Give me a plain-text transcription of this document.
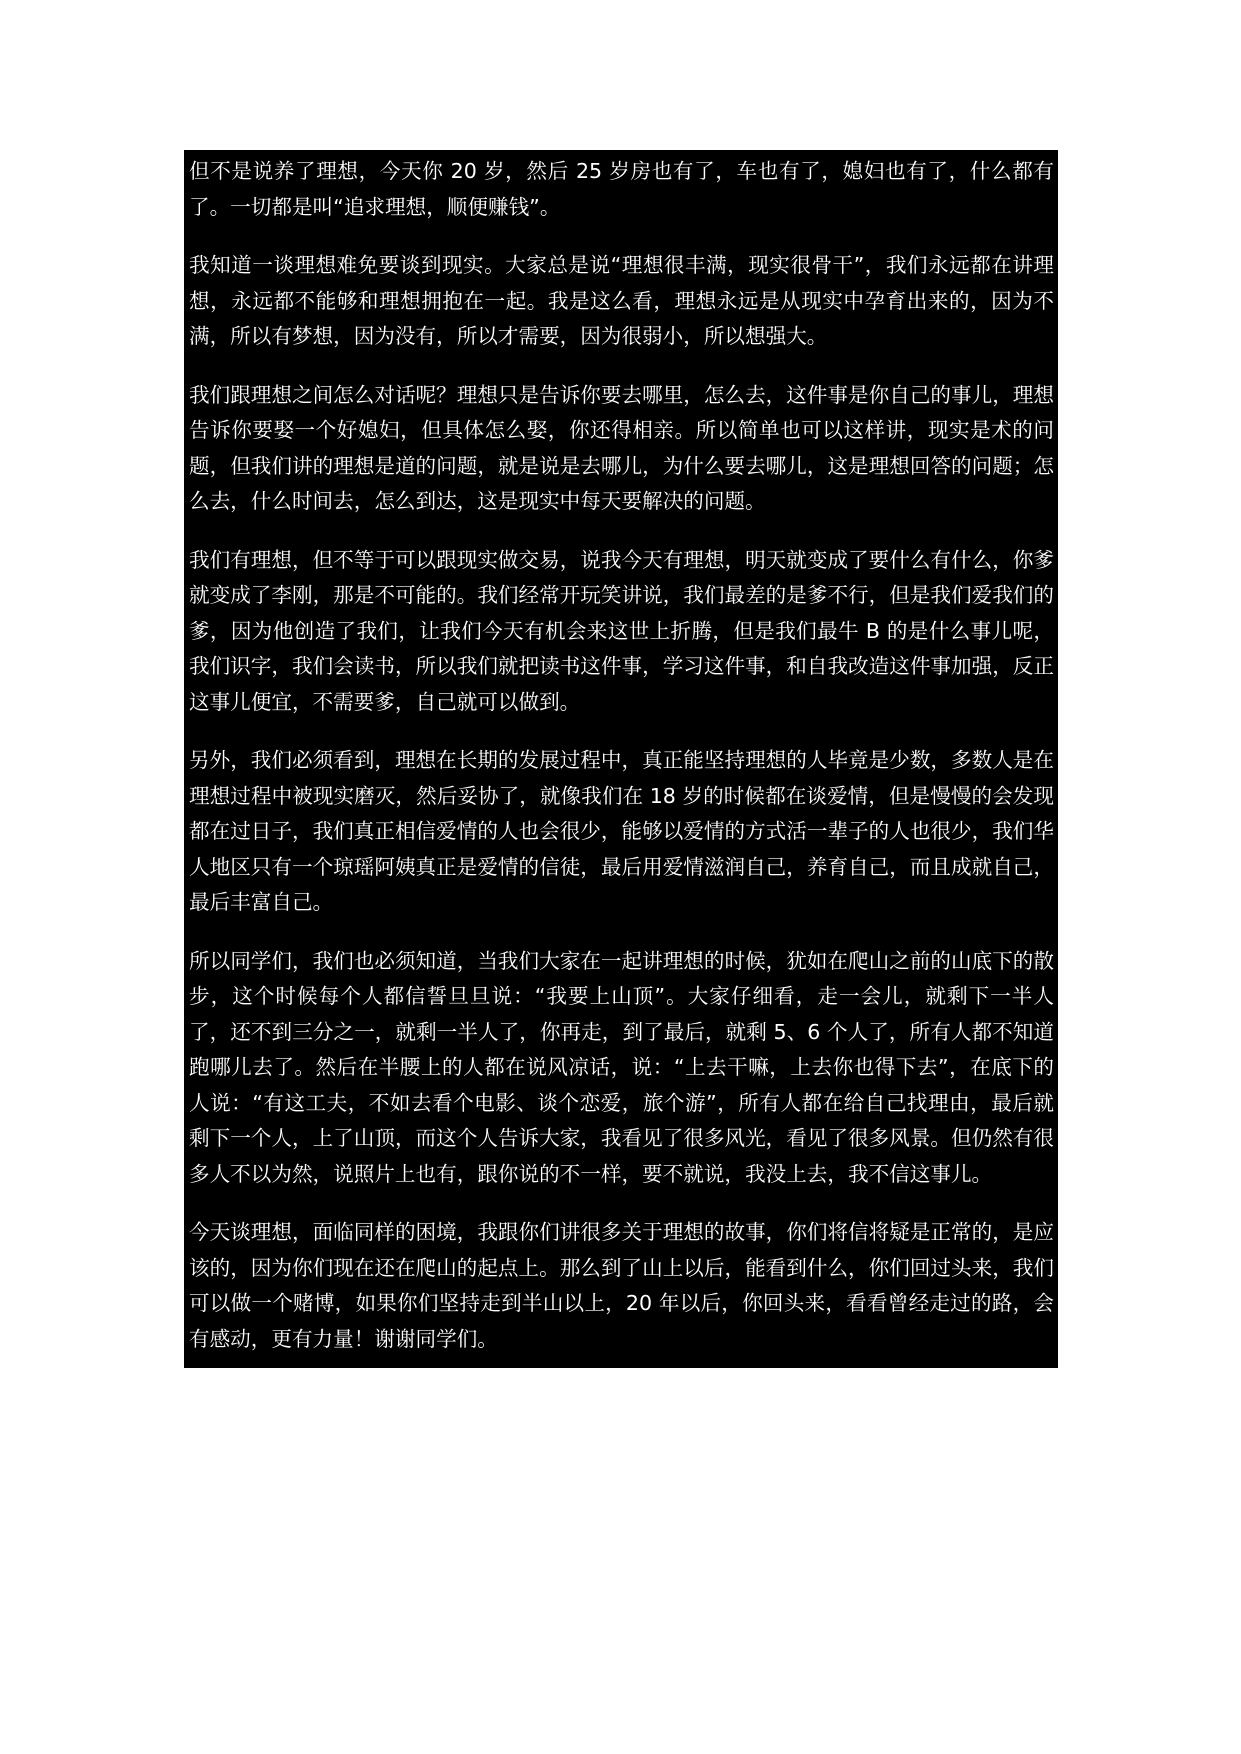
但不是说养了理想，今天你 20 岁，然后 25 岁房也有了，车也有了，媳妇也有了，什么都有了。一切都是叫“追求理想，顺便赚钱”。

我知道一谈理想难免要谈到现实。大家总是说“理想很丰满，现实很骨干”，我们永远都在讲理想，永远都不能够和理想拥抱在一起。我是这么看，理想永远是从现实中孕育出来的，因为不满，所以有梦想，因为没有，所以才需要，因为很弱小，所以想强大。

我们跟理想之间怎么对话呢？理想只是告诉你要去哪里，怎么去，这件事是你自己的事儿，理想告诉你要娶一个好媳妇，但具体怎么娶，你还得相亲。所以简单也可以这样讲，现实是术的问题，但我们讲的理想是道的问题，就是说是去哪儿，为什么要去哪儿，这是理想回答的问题；怎么去，什么时间去，怎么到达，这是现实中每天要解决的问题。

我们有理想，但不等于可以跟现实做交易，说我今天有理想，明天就变成了要什么有什么，你爹就变成了李刚，那是不可能的。我们经常开玩笑讲说，我们最差的是爹不行，但是我们爱我们的爹，因为他创造了我们，让我们今天有机会来这世上折腾，但是我们最牛 B 的是什么事儿呢，我们识字，我们会读书，所以我们就把读书这件事，学习这件事，和自我改造这件事加强，反正这事儿便宜，不需要爹，自己就可以做到。

另外，我们必须看到，理想在长期的发展过程中，真正能坚持理想的人毕竟是少数，多数人是在理想过程中被现实磨灭，然后妥协了，就像我们在 18 岁的时候都在谈爱情，但是慢慢的会发现都在过日子，我们真正相信爱情的人也会很少，能够以爱情的方式活一辈子的人也很少，我们华人地区只有一个琼瑶阿姨真正是爱情的信徒，最后用爱情滋润自己，养育自己，而且成就自己，最后丰富自己。

所以同学们，我们也必须知道，当我们大家在一起讲理想的时候，犹如在爬山之前的山底下的散步，这个时候每个人都信誓旦旦说：“我要上山顶”。大家仔细看，走一会儿，就剩下一半人了，还不到三分之一，就剩一半人了，你再走，到了最后，就剩 5、6 个人了，所有人都不知道跑哪儿去了。然后在半腰上的人都在说风凉话，说：“上去干嘛，上去你也得下去”，在底下的人说：“有这工夫，不如去看个电影、谈个恋爱，旅个游”，所有人都在给自己找理由，最后就剩下一个人，上了山顶，而这个人告诉大家，我看见了很多风光，看见了很多风景。但仍然有很多人不以为然，说照片上也有，跟你说的不一样，要不就说，我没上去，我不信这事儿。

今天谈理想，面临同样的困境，我跟你们讲很多关于理想的故事，你们将信将疑是正常的，是应该的，因为你们现在还在爬山的起点上。那么到了山上以后，能看到什么，你们回过头来，我们可以做一个赌博，如果你们坚持走到半山以上，20 年以后，你回头来，看看曾经走过的路，会有感动，更有力量！谢谢同学们。
